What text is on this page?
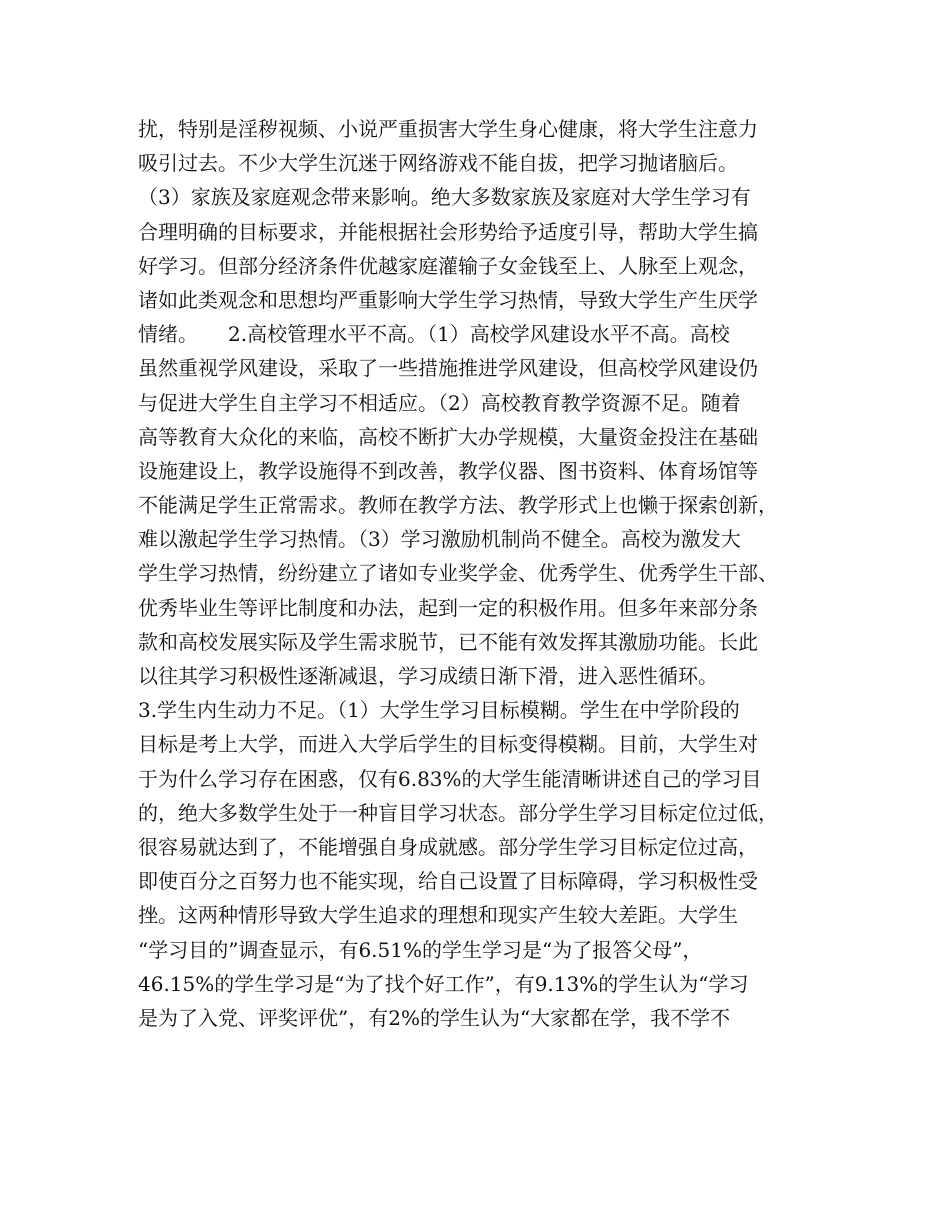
扰，特别是淫秽视频、小说严重损害大学生身心健康，将大学生注意力
吸引过去。不少大学生沉迷于网络游戏不能自拔，把学习抛诸脑后。
（3）家族及家庭观念带来影响。绝大多数家族及家庭对大学生学习有
合理明确的目标要求，并能根据社会形势给予适度引导，帮助大学生搞
好学习。但部分经济条件优越家庭灌输子女金钱至上、人脉至上观念，
诸如此类观念和思想均严重影响大学生学习热情，导致大学生产生厌学
情绪。　　2.高校管理水平不高。（1）高校学风建设水平不高。高校
虽然重视学风建设，采取了一些措施推进学风建设，但高校学风建设仍
与促进大学生自主学习不相适应。（2）高校教育教学资源不足。随着
高等教育大众化的来临，高校不断扩大办学规模，大量资金投注在基础
设施建设上，教学设施得不到改善，教学仪器、图书资料、体育场馆等
不能满足学生正常需求。教师在教学方法、教学形式上也懒于探索创新，
难以激起学生学习热情。（3）学习激励机制尚不健全。高校为激发大
学生学习热情，纷纷建立了诸如专业奖学金、优秀学生、优秀学生干部、
优秀毕业生等评比制度和办法，起到一定的积极作用。但多年来部分条
款和高校发展实际及学生需求脱节，已不能有效发挥其激励功能。长此
以往其学习积极性逐渐减退，学习成绩日渐下滑，进入恶性循环。
3.学生内生动力不足。（1）大学生学习目标模糊。学生在中学阶段的
目标是考上大学，而进入大学后学生的目标变得模糊。目前，大学生对
于为什么学习存在困惑，仅有6.83%的大学生能清晰讲述自己的学习目
的，绝大多数学生处于一种盲目学习状态。部分学生学习目标定位过低，
很容易就达到了，不能增强自身成就感。部分学生学习目标定位过高，
即使百分之百努力也不能实现，给自己设置了目标障碍，学习积极性受
挫。这两种情形导致大学生追求的理想和现实产生较大差距。大学生
“学习目的”调查显示，有6.51%的学生学习是“为了报答父母”，
46.15%的学生学习是“为了找个好工作”，有9.13%的学生认为“学习
是为了入党、评奖评优”，有2%的学生认为“大家都在学，我不学不
